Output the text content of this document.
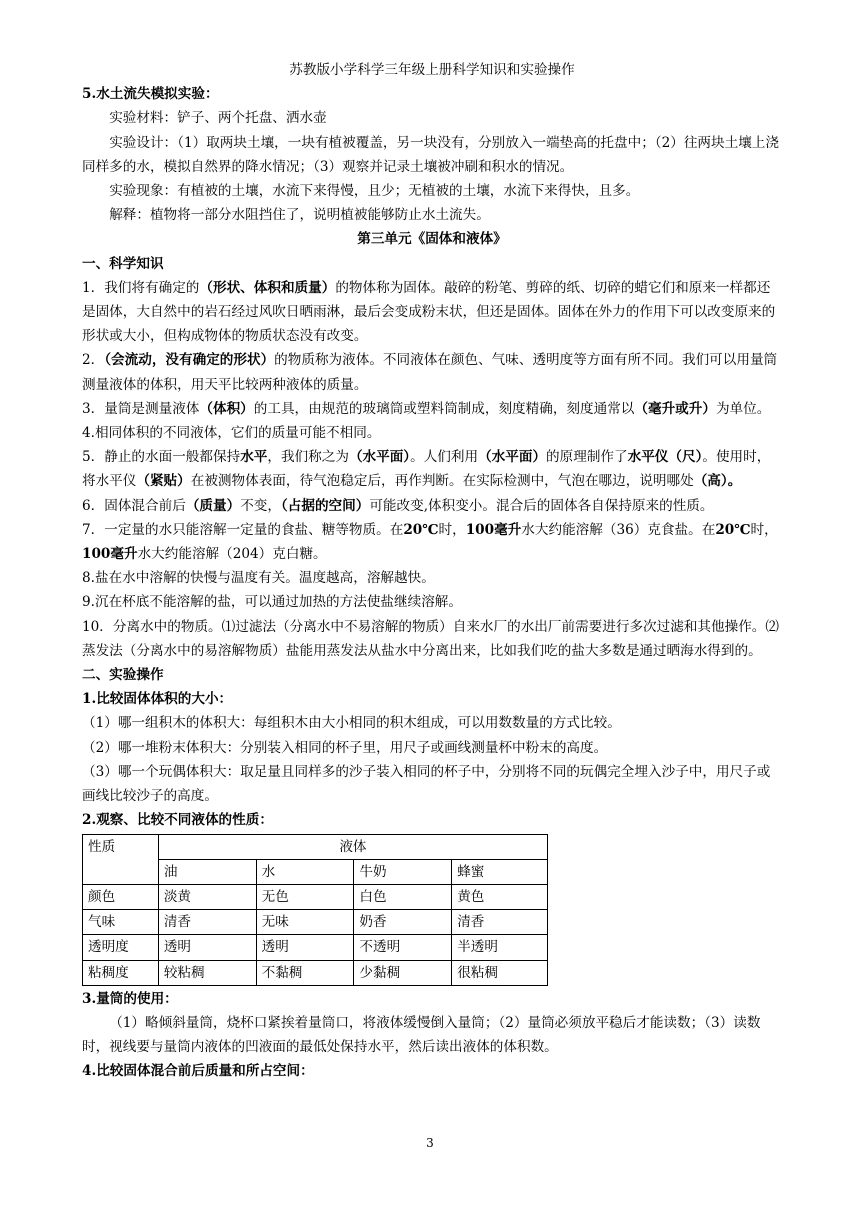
苏教版小学科学三年级上册科学知识和实验操作

5.水土流失模拟实验：

实验材料：铲子、两个托盘、洒水壶

实验设计：（1）取两块土壤，一块有植被覆盖，另一块没有，分别放入一端垫高的托盘中；（2）往两块土壤上浇同样多的水，模拟自然界的降水情况；（3）观察并记录土壤被冲刷和积水的情况。

实验现象：有植被的土壤，水流下来得慢，且少；无植被的土壤，水流下来得快，且多。

解释：植物将一部分水阻挡住了，说明植被能够防止水土流失。

第三单元《固体和液体》

一、科学知识

1．我们将有确定的（形状、体积和质量）的物体称为固体。敲碎的粉笔、剪碎的纸、切碎的蜡它们和原来一样都还是固体，大自然中的岩石经过风吹日晒雨淋，最后会变成粉末状，但还是固体。固体在外力的作用下可以改变原来的形状或大小，但构成物体的物质状态没有改变。

2．（会流动，没有确定的形状）的物质称为液体。不同液体在颜色、气味、透明度等方面有所不同。我们可以用量筒测量液体的体积，用天平比较两种液体的质量。

3．量筒是测量液体（体积）的工具，由规范的玻璃筒或塑料筒制成，刻度精确，刻度通常以（毫升或升）为单位。

4.相同体积的不同液体，它们的质量可能不相同。

5．静止的水面一般都保持水平，我们称之为（水平面）。人们利用（水平面）的原理制作了水平仪（尺）。使用时，将水平仪（紧贴）在被测物体表面，待气泡稳定后，再作判断。在实际检测中，气泡在哪边，说明哪处（高）。

6．固体混合前后（质量）不变，（占据的空间）可能改变,体积变小。混合后的固体各自保持原来的性质。

7．一定量的水只能溶解一定量的食盐、糖等物质。在20℃时，100毫升水大约能溶解（36）克食盐。在20℃时，100毫升水大约能溶解（204）克白糖。

8.盐在水中溶解的快慢与温度有关。温度越高，溶解越快。

9.沉在杯底不能溶解的盐，可以通过加热的方法使盐继续溶解。

10．分离水中的物质。⑴过滤法（分离水中不易溶解的物质）自来水厂的水出厂前需要进行多次过滤和其他操作。⑵蒸发法（分离水中的易溶解物质）盐能用蒸发法从盐水中分离出来，比如我们吃的盐大多数是通过晒海水得到的。

二、实验操作

1.比较固体体积的大小：

（1）哪一组积木的体积大：每组积木由大小相同的积木组成，可以用数数量的方式比较。

（2）哪一堆粉末体积大：分别装入相同的杯子里，用尺子或画线测量杯中粉末的高度。

（3）哪一个玩偶体积大：取足量且同样多的沙子装入相同的杯子中，分别将不同的玩偶完全埋入沙子中，用尺子或画线比较沙子的高度。

2.观察、比较不同液体的性质：

性质	液体			
	油	水	牛奶	蜂蜜
颜色	淡黄	无色	白色	黄色
气味	清香	无味	奶香	清香
透明度	透明	透明	不透明	半透明
粘稠度	较粘稠	不黏稠	少黏稠	很粘稠

3.量筒的使用：

（1）略倾斜量筒，烧杯口紧挨着量筒口，将液体缓慢倒入量筒；（2）量筒必须放平稳后才能读数；（3）读数时，视线要与量筒内液体的凹液面的最低处保持水平，然后读出液体的体积数。

4.比较固体混合前后质量和所占空间：

3
